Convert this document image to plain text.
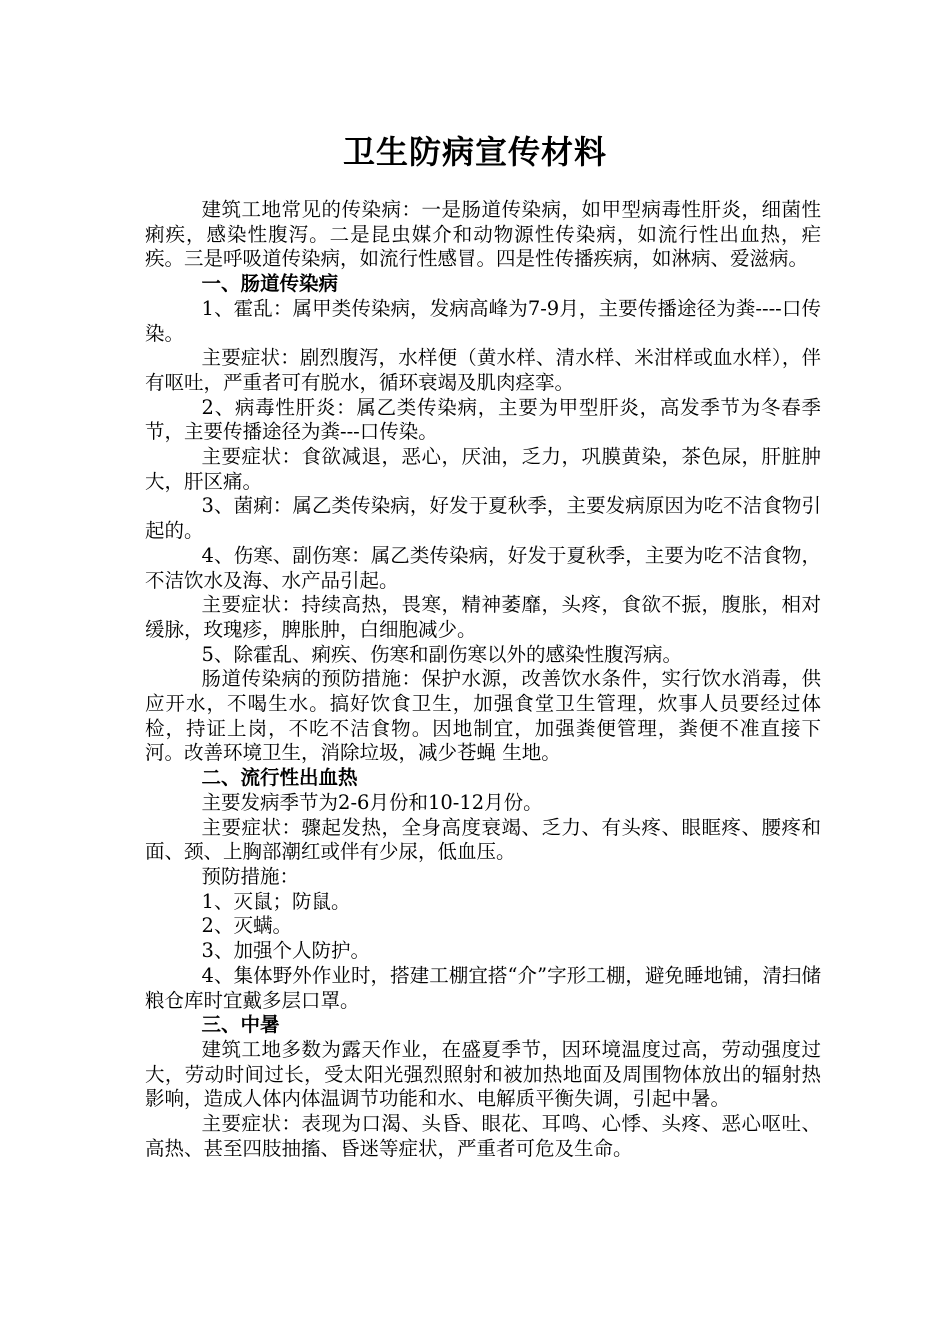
卫生防病宣传材料

建筑工地常见的传染病：一是肠道传染病，如甲型病毒性肝炎，细菌性痢疾，感染性腹泻。二是昆虫媒介和动物源性传染病，如流行性出血热，疟疾。三是呼吸道传染病，如流行性感冒。四是性传播疾病，如淋病、爱滋病。

一、肠道传染病

1、霍乱：属甲类传染病，发病高峰为7-9月，主要传播途径为粪----口传染。

主要症状：剧烈腹泻，水样便（黄水样、清水样、米泔样或血水样），伴有呕吐，严重者可有脱水，循环衰竭及肌肉痉挛。

2、病毒性肝炎：属乙类传染病，主要为甲型肝炎，高发季节为冬春季节，主要传播途径为粪---口传染。

主要症状：食欲减退，恶心，厌油，乏力，巩膜黄染，茶色尿，肝脏肿大，肝区痛。

3、菌痢：属乙类传染病，好发于夏秋季，主要发病原因为吃不洁食物引起的。

4、伤寒、副伤寒：属乙类传染病，好发于夏秋季，主要为吃不洁食物，不洁饮水及海、水产品引起。

主要症状：持续高热，畏寒，精神萎靡，头疼，食欲不振，腹胀，相对缓脉，玫瑰疹，脾胀肿，白细胞减少。

5、除霍乱、痢疾、伤寒和副伤寒以外的感染性腹泻病。

肠道传染病的预防措施：保护水源，改善饮水条件，实行饮水消毒，供应开水，不喝生水。搞好饮食卫生，加强食堂卫生管理，炊事人员要经过体检，持证上岗，不吃不洁食物。因地制宜，加强粪便管理，粪便不准直接下河。改善环境卫生，消除垃圾，减少苍蝇 生地。

二、流行性出血热

主要发病季节为2-6月份和10-12月份。

主要症状：骤起发热，全身高度衰竭、乏力、有头疼、眼眶疼、腰疼和面、颈、上胸部潮红或伴有少尿，低血压。

预防措施：

1、灭鼠；防鼠。

2、灭螨。

3、加强个人防护。

4、集体野外作业时，搭建工棚宜搭“介”字形工棚，避免睡地铺，清扫储粮仓库时宜戴多层口罩。

三、中暑

建筑工地多数为露天作业，在盛夏季节，因环境温度过高，劳动强度过大，劳动时间过长，受太阳光强烈照射和被加热地面及周围物体放出的辐射热影响，造成人体内体温调节功能和水、电解质平衡失调，引起中暑。

主要症状：表现为口渴、头昏、眼花、耳鸣、心悸、头疼、恶心呕吐、高热、甚至四肢抽搐、昏迷等症状，严重者可危及生命。
